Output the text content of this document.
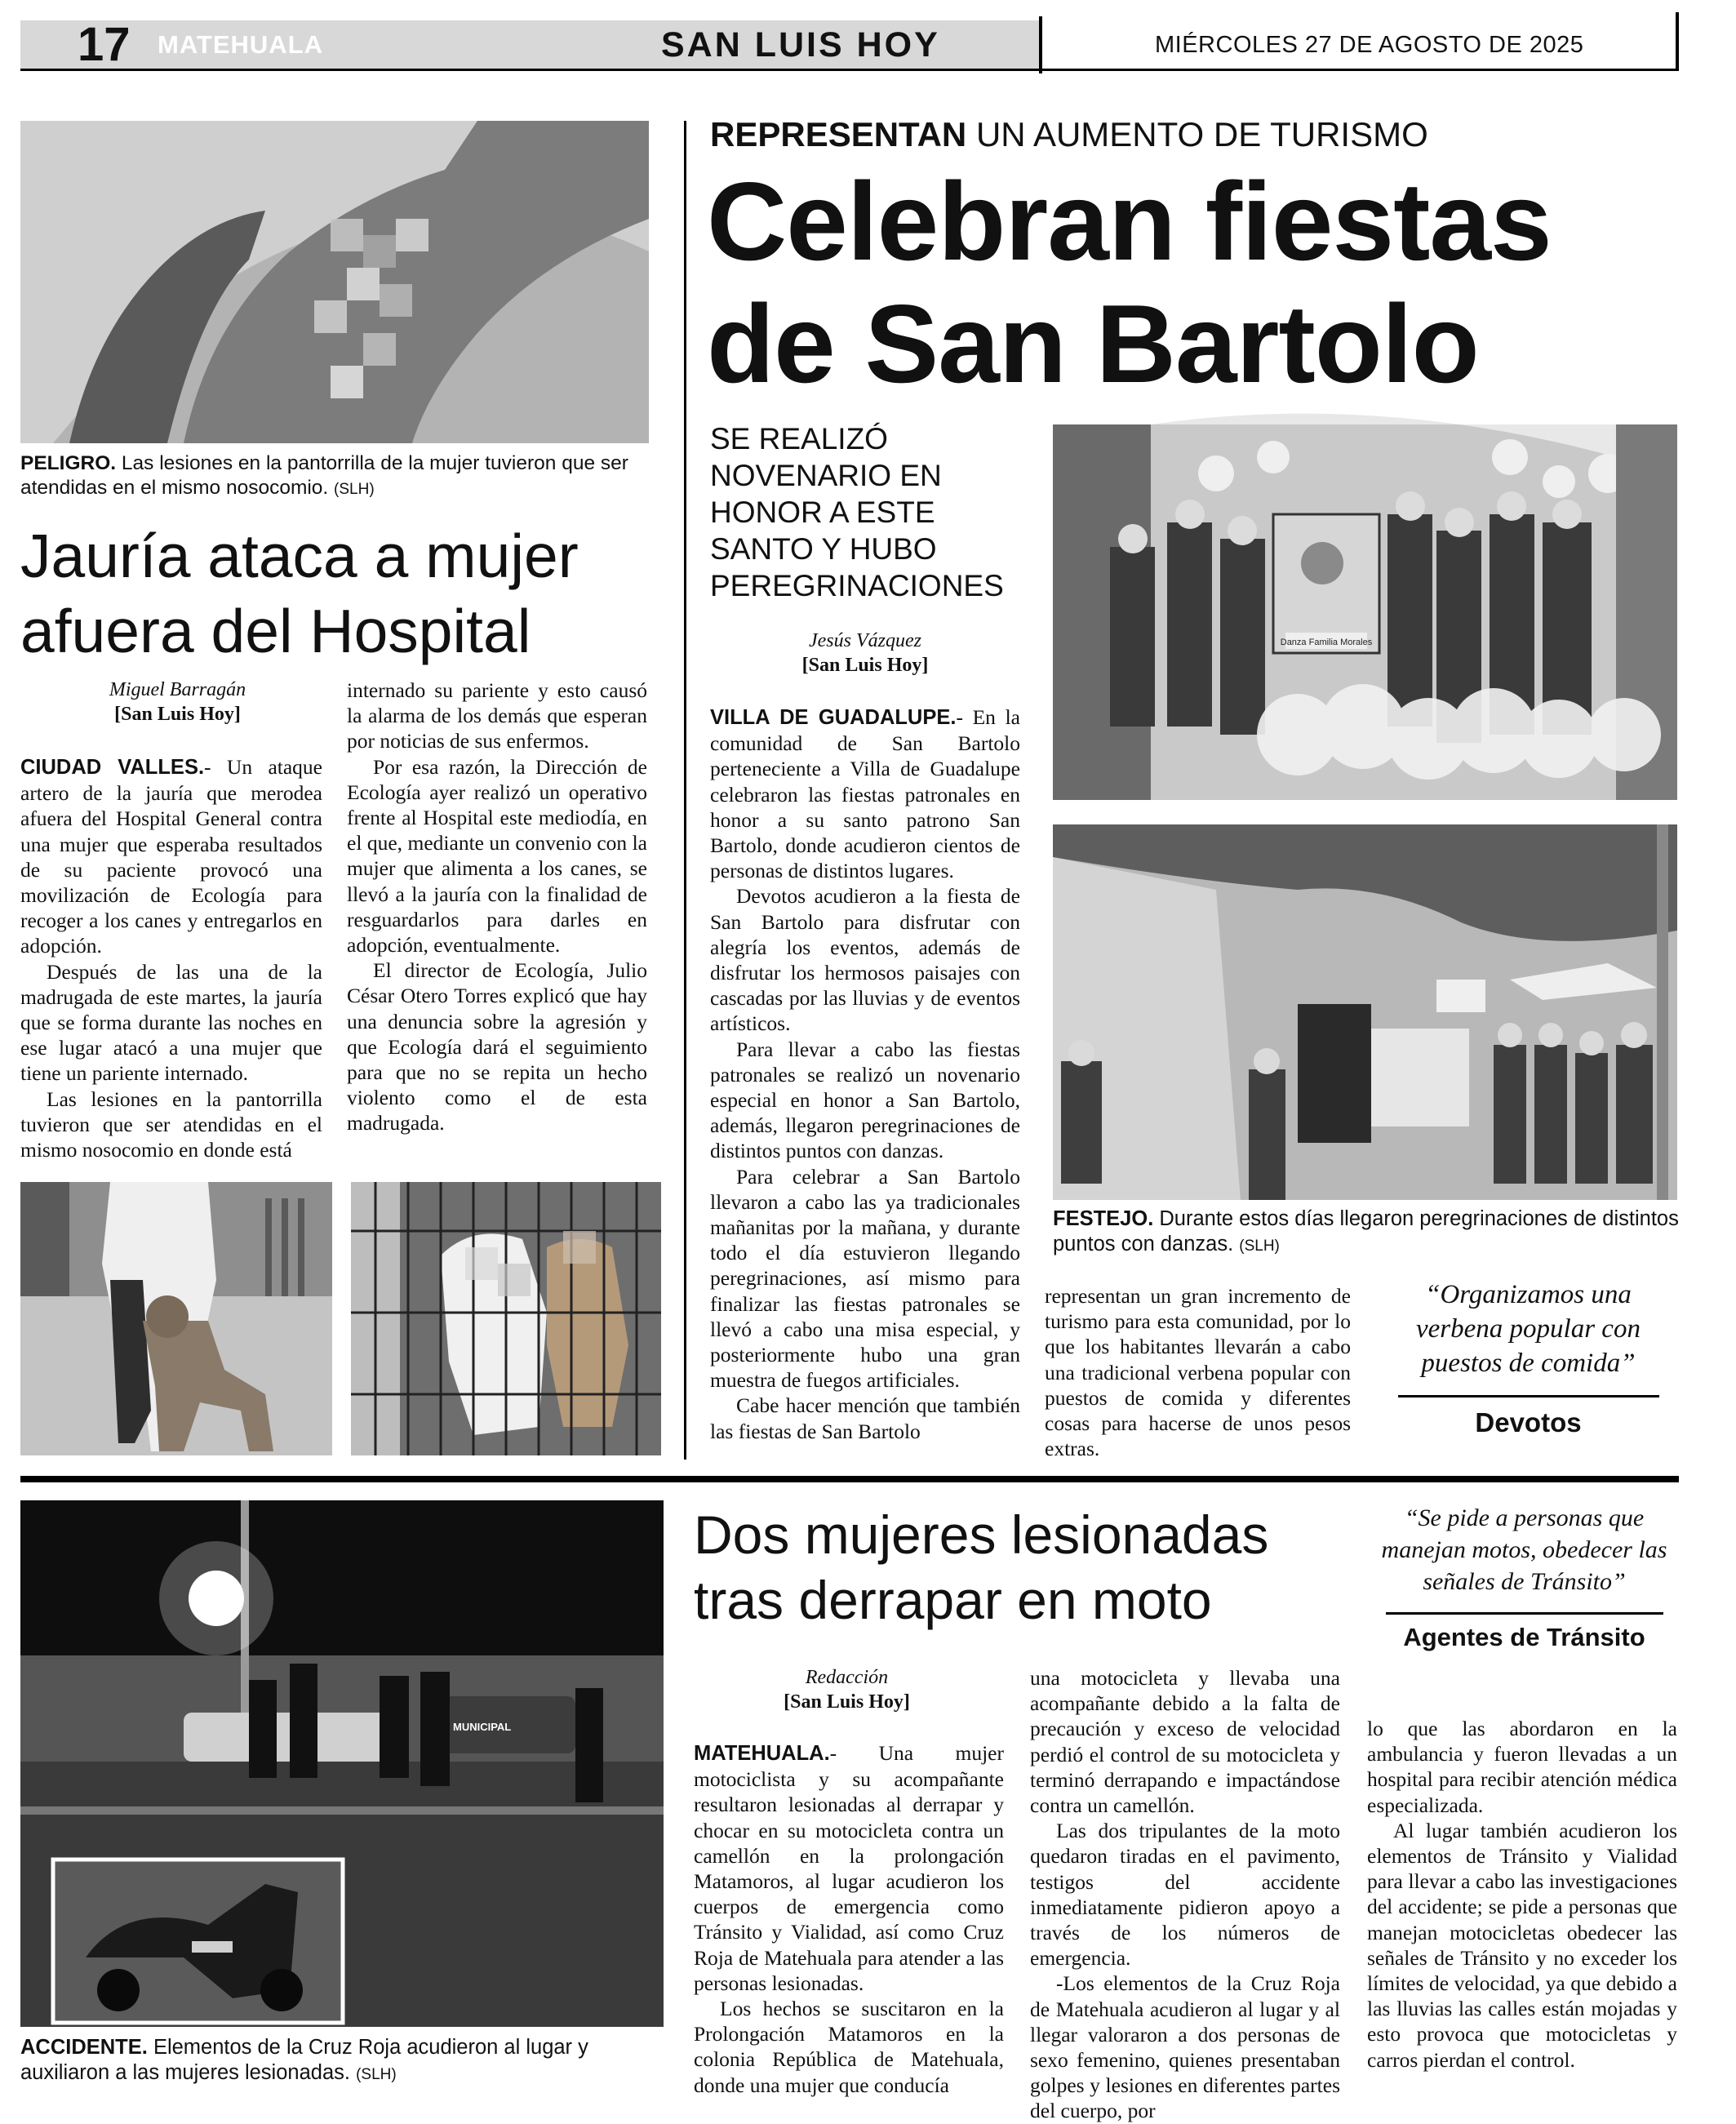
17 MATEHUALA	SAN LUIS HOY	MIÉRCOLES 27 DE AGOSTO DE 2025
PELIGRO. Las lesiones en la pantorrilla de la mujer tuvieron que ser atendidas en el mismo nosocomio. (SLH)
Jauría ataca a mujer afuera del Hospital
Miguel Barragán
[San Luis Hoy]

CIUDAD VALLES.- Un ataque artero de la jauría que merodea afuera del Hospital General contra una mujer que esperaba resultados de su paciente provocó una movilización de Ecología para recoger a los canes y entregarlos en adopción.

Después de las una de la madrugada de este martes, la jauría que se forma durante las noches en ese lugar atacó a una mujer que tiene un pariente internado.

Las lesiones en la pantorrilla tuvieron que ser atendidas en el mismo nosocomio en donde está

internado su pariente y esto causó la alarma de los demás que esperan por noticias de sus enfermos.

Por esa razón, la Dirección de Ecología ayer realizó un operativo frente al Hospital este mediodía, en el que, mediante un convenio con la mujer que alimenta a los canes, se llevó a la jauría con la finalidad de resguardarlos para darles en adopción, eventualmente.

El director de Ecología, Julio César Otero Torres explicó que hay una denuncia sobre la agresión y que Ecología dará el seguimiento para que no se repita un hecho violento como el de esta madrugada.

REPRESENTAN UN AUMENTO DE TURISMO
Celebran fiestas de San Bartolo
SE REALIZÓ NOVENARIO EN HONOR A ESTE SANTO Y HUBO PEREGRINACIONES
Jesús Vázquez
[San Luis Hoy]

VILLA DE GUADALUPE.- En la comunidad de San Bartolo perteneciente a Villa de Guadalupe celebraron las fiestas patronales en honor a su santo patrono San Bartolo, donde acudieron cientos de personas de distintos lugares.

Devotos acudieron a la fiesta de San Bartolo para disfrutar con alegría los eventos, además de disfrutar los hermosos paisajes con cascadas por las lluvias y de eventos artísticos.

Para llevar a cabo las fiestas patronales se realizó un novenario especial en honor a San Bartolo, además, llegaron peregrinaciones de distintos puntos con danzas.

Para celebrar a San Bartolo llevaron a cabo las ya tradicionales mañanitas por la mañana, y durante todo el día estuvieron llegando peregrinaciones, así mismo para finalizar las fiestas patronales se llevó a cabo una misa especial, y posteriormente hubo una gran muestra de fuegos artificiales.

Cabe hacer mención que también las fiestas de San Bartolo

Danza Familia Morales
FESTEJO. Durante estos días llegaron peregrinaciones de distintos puntos con danzas. (SLH)

representan un gran incremento de turismo para esta comunidad, por lo que los habitantes llevarán a cabo una tradicional verbena popular con puestos de comida y diferentes cosas para hacerse de unos pesos extras.

“Organizamos una verbena popular con puestos de comida”
Devotos
MUNICIPAL
ACCIDENTE. Elementos de la Cruz Roja acudieron al lugar y auxiliaron a las mujeres lesionadas. (SLH)
Dos mujeres lesionadas tras derrapar en moto
“Se pide a personas que manejan motos, obedecer las señales de Tránsito”
Agentes de Tránsito
Redacción
[San Luis Hoy]

MATEHUALA.- Una mujer motociclista y su acompañante resultaron lesionadas al derrapar y chocar en su motocicleta contra un camellón en la prolongación Matamoros, al lugar acudieron los cuerpos de emergencia como Tránsito y Vialidad, así como Cruz Roja de Matehuala para atender a las personas lesionadas.

Los hechos se suscitaron en la Prolongación Matamoros en la colonia República de Matehuala, donde una mujer que conducía

una motocicleta y llevaba una acompañante debido a la falta de precaución y exceso de velocidad perdió el control de su motocicleta y terminó derrapando e impactándose contra un camellón.

Las dos tripulantes de la moto quedaron tiradas en el pavimento, testigos del accidente inmediatamente pidieron apoyo a través de los números de emergencia.

-Los elementos de la Cruz Roja de Matehuala acudieron al lugar y al llegar valoraron a dos personas de sexo femenino, quienes presentaban golpes y lesiones en diferentes partes del cuerpo, por

lo que las abordaron en la ambulancia y fueron llevadas a un hospital para recibir atención médica especializada.

Al lugar también acudieron los elementos de Tránsito y Vialidad para llevar a cabo las investigaciones del accidente; se pide a personas que manejan motocicletas obedecer las señales de Tránsito y no exceder los límites de velocidad, ya que debido a las lluvias las calles están mojadas y esto provoca que motocicletas y carros pierdan el control.
